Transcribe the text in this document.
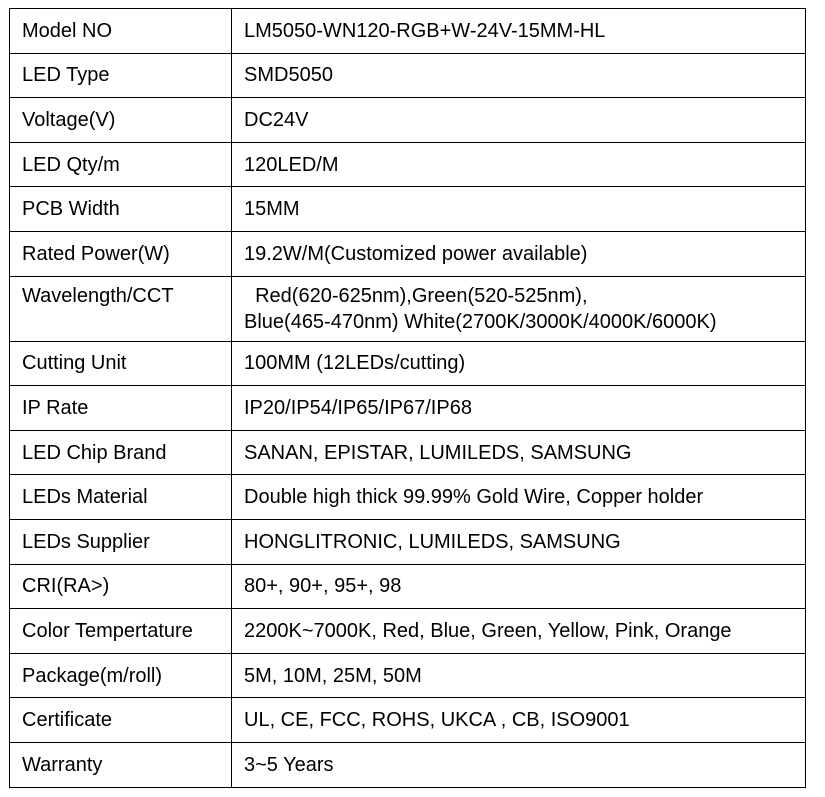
Model NO	LM5050-WN120-RGB+W-24V-15MM-HL
LED Type	SMD5050
Voltage(V)	DC24V
LED Qty/m	120LED/M
PCB Width	15MM
Rated Power(W)	19.2W/M(Customized power available)
Wavelength/CCT	Red(620-625nm),Green(520-525nm),
Blue(465-470nm) White(2700K/3000K/4000K/6000K)

Cutting Unit	100MM (12LEDs/cutting)
IP Rate	IP20/IP54/IP65/IP67/IP68
LED Chip Brand	SANAN, EPISTAR, LUMILEDS, SAMSUNG
LEDs Material	Double high thick 99.99% Gold Wire, Copper holder
LEDs Supplier	HONGLITRONIC, LUMILEDS, SAMSUNG
CRI(RA>)	80+, 90+, 95+, 98
Color Tempertature	2200K~7000K, Red, Blue, Green, Yellow, Pink, Orange
Package(m/roll)	5M, 10M, 25M, 50M
Certificate	UL, CE, FCC, ROHS, UKCA , CB, ISO9001
Warranty	3~5 Years
